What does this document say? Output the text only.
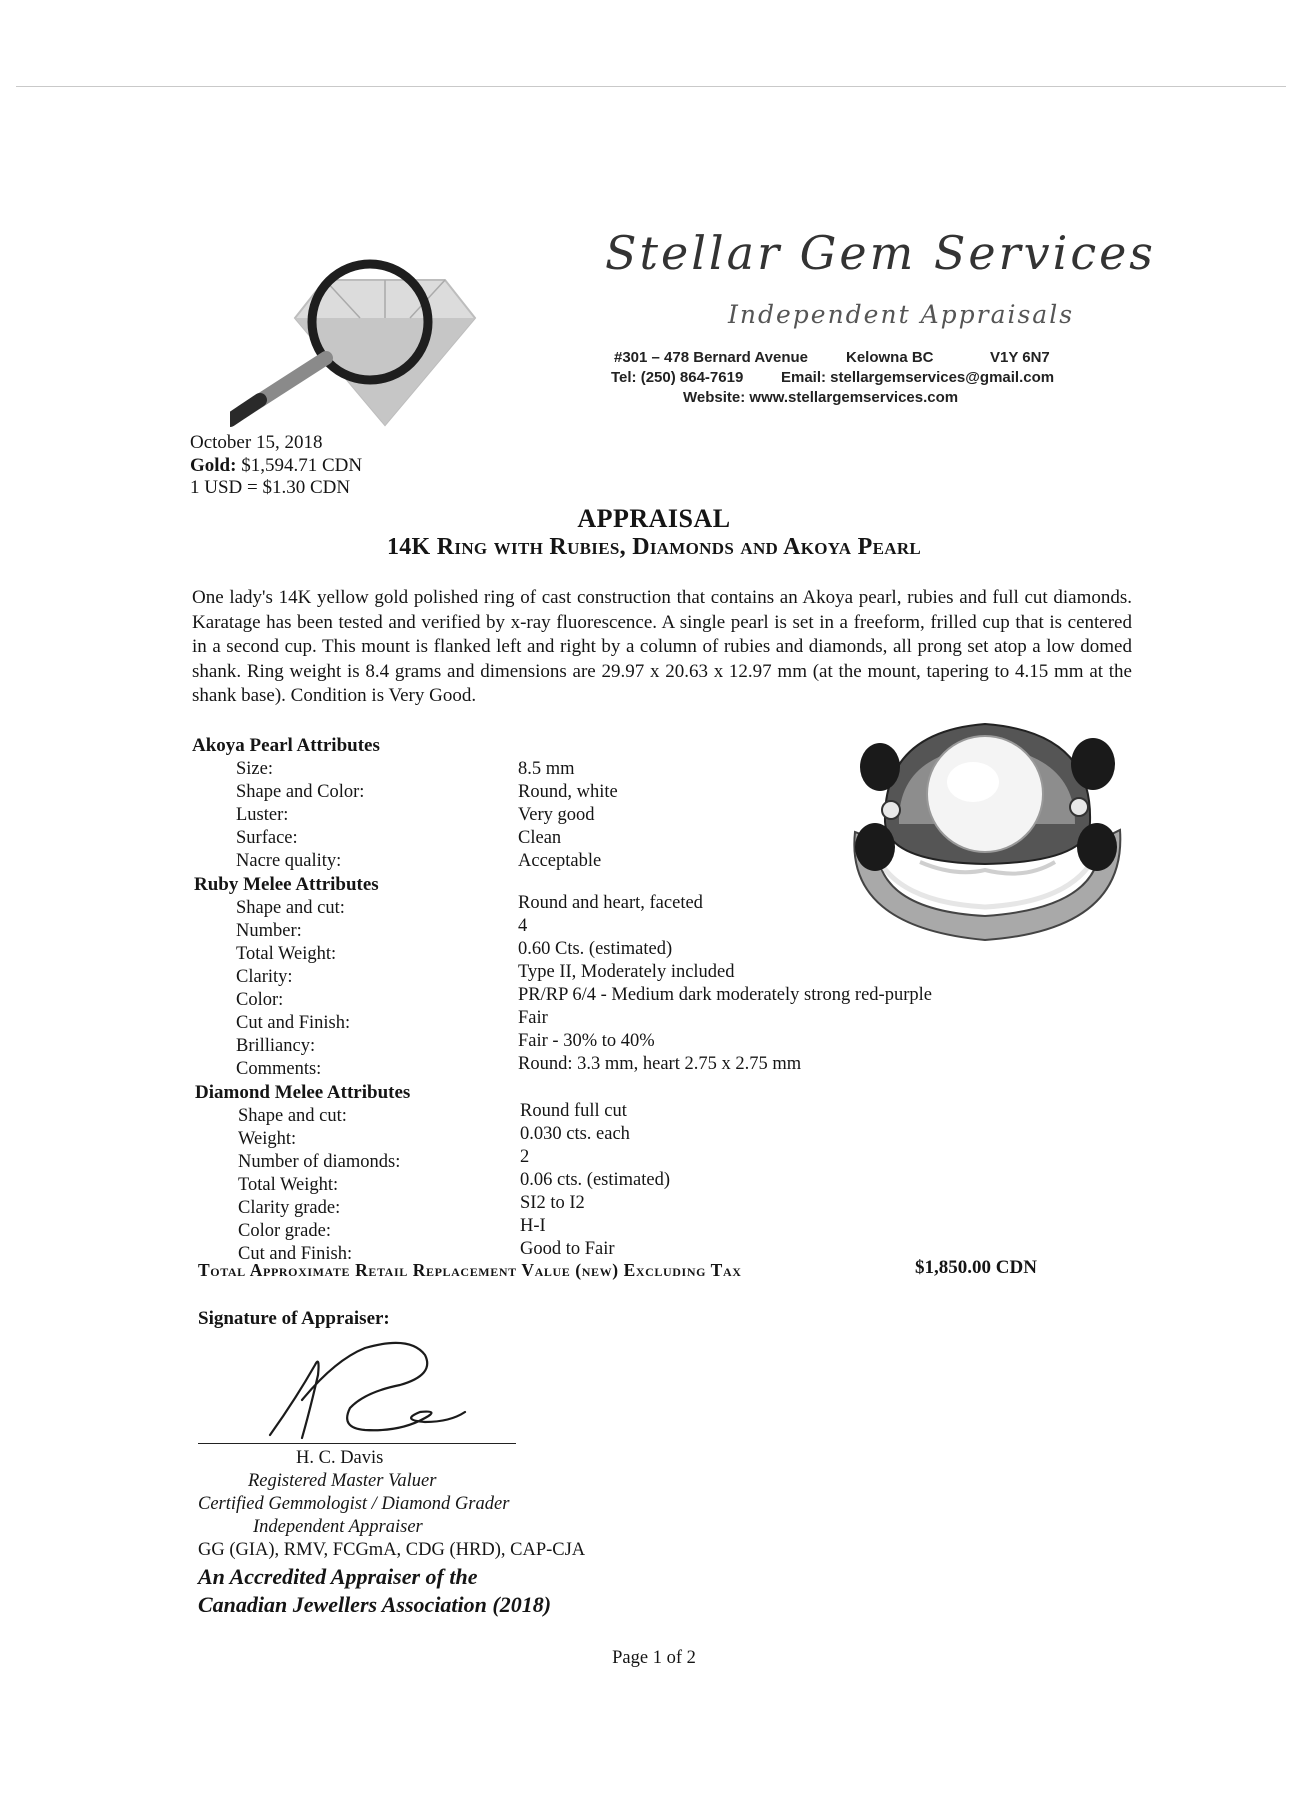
Stellar Gem Services
Independent Appraisals
#301 – 478 Bernard Avenue	Kelowna BC	V1Y 6N7
Tel: (250) 864-7619	Email: stellargemservices@gmail.com
Website: www.stellargemservices.com
October 15, 2018
Gold: $1,594.71 CDN
1 USD = $1.30 CDN
APPRAISAL
14K Ring with Rubies, Diamonds and Akoya Pearl
One lady's 14K yellow gold polished ring of cast construction that contains an Akoya pearl, rubies and full cut diamonds. Karatage has been tested and verified by x-ray fluorescence. A single pearl is set in a freeform, frilled cup that is centered in a second cup. This mount is flanked left and right by a column of rubies and diamonds, all prong set atop a low domed shank. Ring weight is 8.4 grams and dimensions are 29.97 x 20.63 x 12.97 mm (at the mount, tapering to 4.15 mm at the shank base). Condition is Very Good.
Akoya Pearl Attributes
Size:	8.5 mm
Shape and Color:	Round, white
Luster:	Very good
Surface:	Clean
Nacre quality:	Acceptable
Ruby Melee Attributes
Shape and cut:	Round and heart, faceted
Number:	4
Total Weight:	0.60 Cts. (estimated)
Clarity:	Type II, Moderately included
Color:	PR/RP 6/4 - Medium dark moderately strong red-purple
Cut and Finish:	Fair
Brilliancy:	Fair - 30% to 40%
Comments:	Round: 3.3 mm, heart 2.75 x 2.75 mm
Diamond Melee Attributes
Shape and cut:	Round full cut
Weight:	0.030 cts. each
Number of diamonds:	2
Total Weight:	0.06 cts. (estimated)
Clarity grade:	SI2 to I2
Color grade:	H-I
Cut and Finish:	Good to Fair
Total Approximate Retail Replacement Value (new) Excluding Tax	$1,850.00 CDN
Signature of Appraiser:
H. C. Davis
Registered Master Valuer
Certified Gemmologist / Diamond Grader
Independent Appraiser
GG (GIA), RMV, FCGmA, CDG (HRD), CAP-CJA
An Accredited Appraiser of the
Canadian Jewellers Association (2018)
Page 1 of 2
